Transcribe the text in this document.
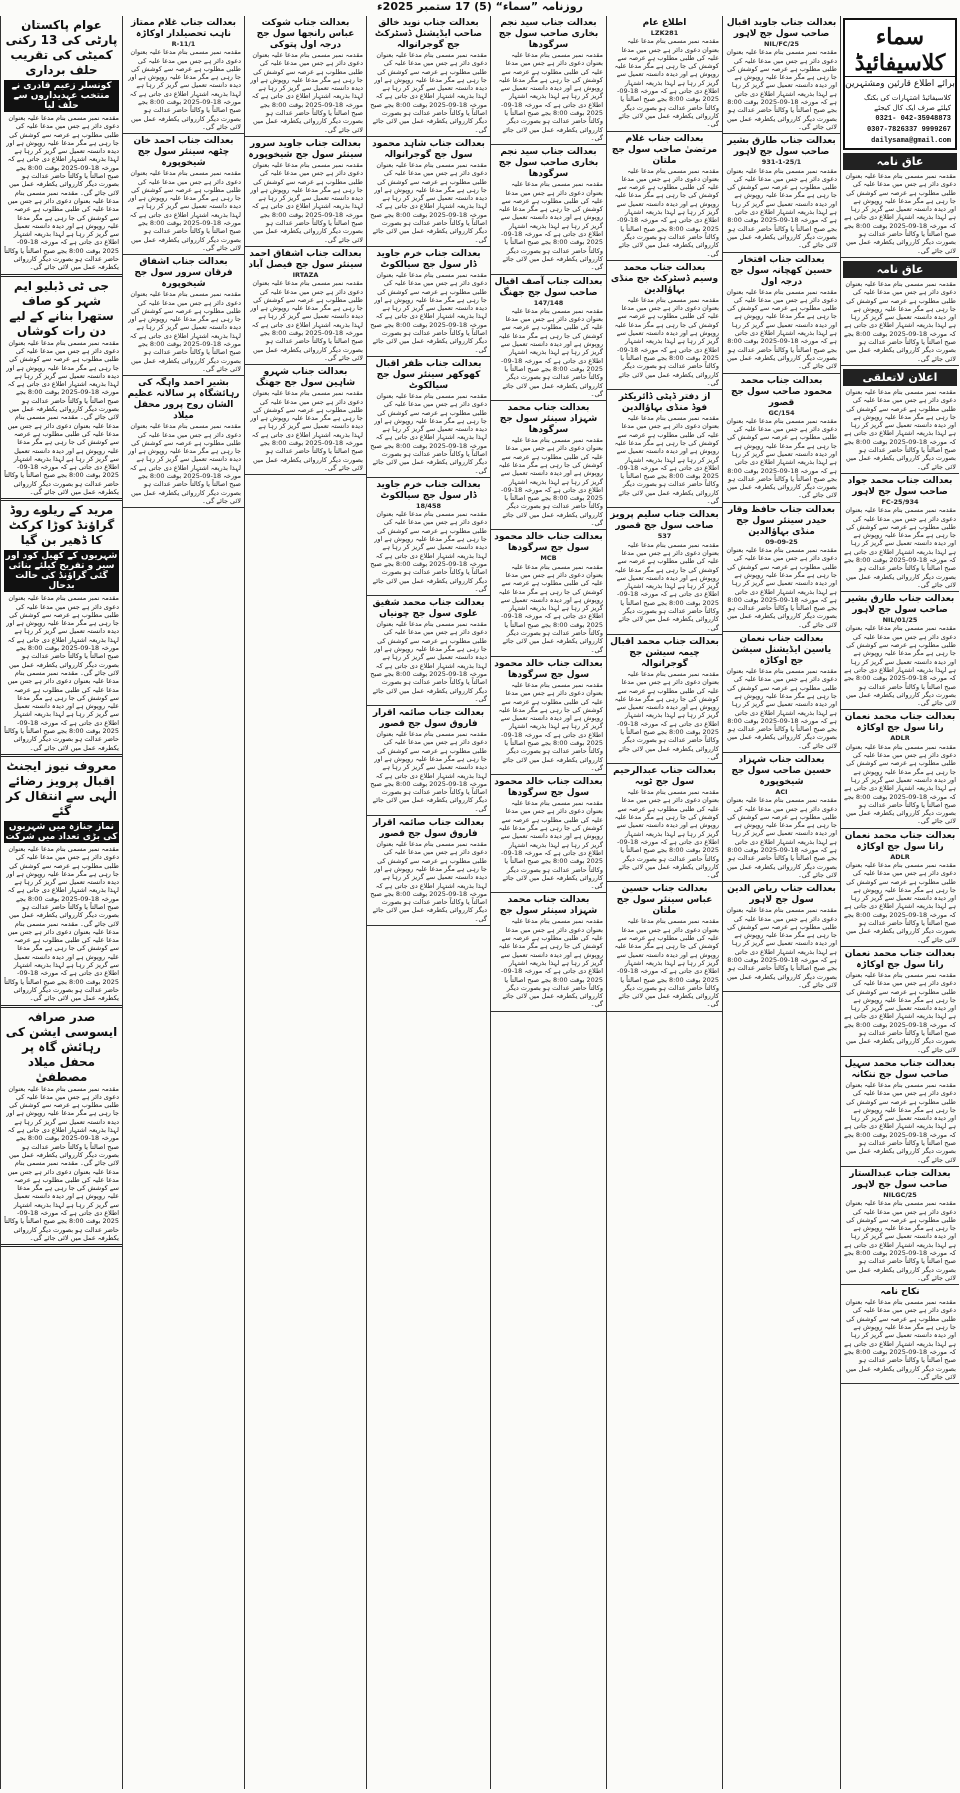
روزنامہ ”سماء“ (5) 17 ستمبر 2025ء
سماء کلاسیفائیڈ
برائے اطلاع قارئین ومشتہرین
کلاسیفائیڈ اشتہارات کی بکنگ کیلئے صرف ایک کال کیجئے
042-35948873 0321-9999267 0307-7826337
dailysama@gmail.com
عاق نامہ
مقدمہ نمبر مسمی بنام مدعا علیہ بعنوان دعوی دائر ہے جس میں مدعا علیہ کی طلبی مطلوب ہے عرصہ سے کوشش کی جا رہی ہے مگر مدعا علیہ روپوش ہے اور دیدہ دانستہ تعمیل سے گریز کر رہا ہے لہذا بذریعہ اشتہار اطلاع دی جاتی ہے کہ مورخہ 18-09-2025 بوقت 8:00 بجے صبح اصالتاً یا وکالتاً حاضر عدالت ہو بصورت دیگر کارروائی یکطرفہ عمل میں لائی جائے گی۔
عاق نامہ
مقدمہ نمبر مسمی بنام مدعا علیہ بعنوان دعوی دائر ہے جس میں مدعا علیہ کی طلبی مطلوب ہے عرصہ سے کوشش کی جا رہی ہے مگر مدعا علیہ روپوش ہے اور دیدہ دانستہ تعمیل سے گریز کر رہا ہے لہذا بذریعہ اشتہار اطلاع دی جاتی ہے کہ مورخہ 18-09-2025 بوقت 8:00 بجے صبح اصالتاً یا وکالتاً حاضر عدالت ہو بصورت دیگر کارروائی یکطرفہ عمل میں لائی جائے گی۔
اعلان لاتعلقی
مقدمہ نمبر مسمی بنام مدعا علیہ بعنوان دعوی دائر ہے جس میں مدعا علیہ کی طلبی مطلوب ہے عرصہ سے کوشش کی جا رہی ہے مگر مدعا علیہ روپوش ہے اور دیدہ دانستہ تعمیل سے گریز کر رہا ہے لہذا بذریعہ اشتہار اطلاع دی جاتی ہے کہ مورخہ 18-09-2025 بوقت 8:00 بجے صبح اصالتاً یا وکالتاً حاضر عدالت ہو بصورت دیگر کارروائی یکطرفہ عمل میں لائی جائے گی۔
بعدالت جناب محمد جواد صاحب سول جج لاہور
934/FC-25
مقدمہ نمبر مسمی بنام مدعا علیہ بعنوان دعوی دائر ہے جس میں مدعا علیہ کی طلبی مطلوب ہے عرصہ سے کوشش کی جا رہی ہے مگر مدعا علیہ روپوش ہے اور دیدہ دانستہ تعمیل سے گریز کر رہا ہے لہذا بذریعہ اشتہار اطلاع دی جاتی ہے کہ مورخہ 18-09-2025 بوقت 8:00 بجے صبح اصالتاً یا وکالتاً حاضر عدالت ہو بصورت دیگر کارروائی یکطرفہ عمل میں لائی جائے گی۔
بعدالت جناب طارق بشیر صاحب سول جج لاہور
NIL/01/25
مقدمہ نمبر مسمی بنام مدعا علیہ بعنوان دعوی دائر ہے جس میں مدعا علیہ کی طلبی مطلوب ہے عرصہ سے کوشش کی جا رہی ہے مگر مدعا علیہ روپوش ہے اور دیدہ دانستہ تعمیل سے گریز کر رہا ہے لہذا بذریعہ اشتہار اطلاع دی جاتی ہے کہ مورخہ 18-09-2025 بوقت 8:00 بجے صبح اصالتاً یا وکالتاً حاضر عدالت ہو بصورت دیگر کارروائی یکطرفہ عمل میں لائی جائے گی۔
بعدالت جناب محمد نعمان رانا سول جج اوکاڑہ
ADLR
مقدمہ نمبر مسمی بنام مدعا علیہ بعنوان دعوی دائر ہے جس میں مدعا علیہ کی طلبی مطلوب ہے عرصہ سے کوشش کی جا رہی ہے مگر مدعا علیہ روپوش ہے اور دیدہ دانستہ تعمیل سے گریز کر رہا ہے لہذا بذریعہ اشتہار اطلاع دی جاتی ہے کہ مورخہ 18-09-2025 بوقت 8:00 بجے صبح اصالتاً یا وکالتاً حاضر عدالت ہو بصورت دیگر کارروائی یکطرفہ عمل میں لائی جائے گی۔
بعدالت جناب محمد نعمان رانا سول جج اوکاڑہ
ADLR
مقدمہ نمبر مسمی بنام مدعا علیہ بعنوان دعوی دائر ہے جس میں مدعا علیہ کی طلبی مطلوب ہے عرصہ سے کوشش کی جا رہی ہے مگر مدعا علیہ روپوش ہے اور دیدہ دانستہ تعمیل سے گریز کر رہا ہے لہذا بذریعہ اشتہار اطلاع دی جاتی ہے کہ مورخہ 18-09-2025 بوقت 8:00 بجے صبح اصالتاً یا وکالتاً حاضر عدالت ہو بصورت دیگر کارروائی یکطرفہ عمل میں لائی جائے گی۔
بعدالت جناب محمد نعمان رانا سول جج اوکاڑہ
مقدمہ نمبر مسمی بنام مدعا علیہ بعنوان دعوی دائر ہے جس میں مدعا علیہ کی طلبی مطلوب ہے عرصہ سے کوشش کی جا رہی ہے مگر مدعا علیہ روپوش ہے اور دیدہ دانستہ تعمیل سے گریز کر رہا ہے لہذا بذریعہ اشتہار اطلاع دی جاتی ہے کہ مورخہ 18-09-2025 بوقت 8:00 بجے صبح اصالتاً یا وکالتاً حاضر عدالت ہو بصورت دیگر کارروائی یکطرفہ عمل میں لائی جائے گی۔
بعدالت جناب محمد سہیل صاحب سول جج ننکانہ
مقدمہ نمبر مسمی بنام مدعا علیہ بعنوان دعوی دائر ہے جس میں مدعا علیہ کی طلبی مطلوب ہے عرصہ سے کوشش کی جا رہی ہے مگر مدعا علیہ روپوش ہے اور دیدہ دانستہ تعمیل سے گریز کر رہا ہے لہذا بذریعہ اشتہار اطلاع دی جاتی ہے کہ مورخہ 18-09-2025 بوقت 8:00 بجے صبح اصالتاً یا وکالتاً حاضر عدالت ہو بصورت دیگر کارروائی یکطرفہ عمل میں لائی جائے گی۔
بعدالت جناب عبدالستار صاحب سول جج لاہور
NILGC/25
مقدمہ نمبر مسمی بنام مدعا علیہ بعنوان دعوی دائر ہے جس میں مدعا علیہ کی طلبی مطلوب ہے عرصہ سے کوشش کی جا رہی ہے مگر مدعا علیہ روپوش ہے اور دیدہ دانستہ تعمیل سے گریز کر رہا ہے لہذا بذریعہ اشتہار اطلاع دی جاتی ہے کہ مورخہ 18-09-2025 بوقت 8:00 بجے صبح اصالتاً یا وکالتاً حاضر عدالت ہو بصورت دیگر کارروائی یکطرفہ عمل میں لائی جائے گی۔
نکاح نامہ
مقدمہ نمبر مسمی بنام مدعا علیہ بعنوان دعوی دائر ہے جس میں مدعا علیہ کی طلبی مطلوب ہے عرصہ سے کوشش کی جا رہی ہے مگر مدعا علیہ روپوش ہے اور دیدہ دانستہ تعمیل سے گریز کر رہا ہے لہذا بذریعہ اشتہار اطلاع دی جاتی ہے کہ مورخہ 18-09-2025 بوقت 8:00 بجے صبح اصالتاً یا وکالتاً حاضر عدالت ہو بصورت دیگر کارروائی یکطرفہ عمل میں لائی جائے گی۔
بعدالت جناب جاوید اقبال صاحب سول جج لاہور
NIL/FC/25
مقدمہ نمبر مسمی بنام مدعا علیہ بعنوان دعوی دائر ہے جس میں مدعا علیہ کی طلبی مطلوب ہے عرصہ سے کوشش کی جا رہی ہے مگر مدعا علیہ روپوش ہے اور دیدہ دانستہ تعمیل سے گریز کر رہا ہے لہذا بذریعہ اشتہار اطلاع دی جاتی ہے کہ مورخہ 18-09-2025 بوقت 8:00 بجے صبح اصالتاً یا وکالتاً حاضر عدالت ہو بصورت دیگر کارروائی یکطرفہ عمل میں لائی جائے گی۔
بعدالت جناب طارق بشیر صاحب سول جج لاہور
931-1-25/1
مقدمہ نمبر مسمی بنام مدعا علیہ بعنوان دعوی دائر ہے جس میں مدعا علیہ کی طلبی مطلوب ہے عرصہ سے کوشش کی جا رہی ہے مگر مدعا علیہ روپوش ہے اور دیدہ دانستہ تعمیل سے گریز کر رہا ہے لہذا بذریعہ اشتہار اطلاع دی جاتی ہے کہ مورخہ 18-09-2025 بوقت 8:00 بجے صبح اصالتاً یا وکالتاً حاضر عدالت ہو بصورت دیگر کارروائی یکطرفہ عمل میں لائی جائے گی۔
بعدالت جناب افتخار حسین کھچانہ سول جج درجہ اول
مقدمہ نمبر مسمی بنام مدعا علیہ بعنوان دعوی دائر ہے جس میں مدعا علیہ کی طلبی مطلوب ہے عرصہ سے کوشش کی جا رہی ہے مگر مدعا علیہ روپوش ہے اور دیدہ دانستہ تعمیل سے گریز کر رہا ہے لہذا بذریعہ اشتہار اطلاع دی جاتی ہے کہ مورخہ 18-09-2025 بوقت 8:00 بجے صبح اصالتاً یا وکالتاً حاضر عدالت ہو بصورت دیگر کارروائی یکطرفہ عمل میں لائی جائے گی۔
بعدالت جناب محمد محمود صاحب سول جج قصور
GC/154
مقدمہ نمبر مسمی بنام مدعا علیہ بعنوان دعوی دائر ہے جس میں مدعا علیہ کی طلبی مطلوب ہے عرصہ سے کوشش کی جا رہی ہے مگر مدعا علیہ روپوش ہے اور دیدہ دانستہ تعمیل سے گریز کر رہا ہے لہذا بذریعہ اشتہار اطلاع دی جاتی ہے کہ مورخہ 18-09-2025 بوقت 8:00 بجے صبح اصالتاً یا وکالتاً حاضر عدالت ہو بصورت دیگر کارروائی یکطرفہ عمل میں لائی جائے گی۔
بعدالت جناب حافظ وقار حیدر سینئر سول جج منڈی بہاؤالدین
09-09-25
مقدمہ نمبر مسمی بنام مدعا علیہ بعنوان دعوی دائر ہے جس میں مدعا علیہ کی طلبی مطلوب ہے عرصہ سے کوشش کی جا رہی ہے مگر مدعا علیہ روپوش ہے اور دیدہ دانستہ تعمیل سے گریز کر رہا ہے لہذا بذریعہ اشتہار اطلاع دی جاتی ہے کہ مورخہ 18-09-2025 بوقت 8:00 بجے صبح اصالتاً یا وکالتاً حاضر عدالت ہو بصورت دیگر کارروائی یکطرفہ عمل میں لائی جائے گی۔
بعدالت جناب نعمان یاسین ایڈیشنل سیشن جج اوکاڑہ
مقدمہ نمبر مسمی بنام مدعا علیہ بعنوان دعوی دائر ہے جس میں مدعا علیہ کی طلبی مطلوب ہے عرصہ سے کوشش کی جا رہی ہے مگر مدعا علیہ روپوش ہے اور دیدہ دانستہ تعمیل سے گریز کر رہا ہے لہذا بذریعہ اشتہار اطلاع دی جاتی ہے کہ مورخہ 18-09-2025 بوقت 8:00 بجے صبح اصالتاً یا وکالتاً حاضر عدالت ہو بصورت دیگر کارروائی یکطرفہ عمل میں لائی جائے گی۔
بعدالت جناب شہزاد حسین صاحب سول جج شیخوپورہ
ACI
مقدمہ نمبر مسمی بنام مدعا علیہ بعنوان دعوی دائر ہے جس میں مدعا علیہ کی طلبی مطلوب ہے عرصہ سے کوشش کی جا رہی ہے مگر مدعا علیہ روپوش ہے اور دیدہ دانستہ تعمیل سے گریز کر رہا ہے لہذا بذریعہ اشتہار اطلاع دی جاتی ہے کہ مورخہ 18-09-2025 بوقت 8:00 بجے صبح اصالتاً یا وکالتاً حاضر عدالت ہو بصورت دیگر کارروائی یکطرفہ عمل میں لائی جائے گی۔
بعدالت جناب ریاض الدین سول جج لاہور
مقدمہ نمبر مسمی بنام مدعا علیہ بعنوان دعوی دائر ہے جس میں مدعا علیہ کی طلبی مطلوب ہے عرصہ سے کوشش کی جا رہی ہے مگر مدعا علیہ روپوش ہے اور دیدہ دانستہ تعمیل سے گریز کر رہا ہے لہذا بذریعہ اشتہار اطلاع دی جاتی ہے کہ مورخہ 18-09-2025 بوقت 8:00 بجے صبح اصالتاً یا وکالتاً حاضر عدالت ہو بصورت دیگر کارروائی یکطرفہ عمل میں لائی جائے گی۔
اطلاع عام
LZK281
مقدمہ نمبر مسمی بنام مدعا علیہ بعنوان دعوی دائر ہے جس میں مدعا علیہ کی طلبی مطلوب ہے عرصہ سے کوشش کی جا رہی ہے مگر مدعا علیہ روپوش ہے اور دیدہ دانستہ تعمیل سے گریز کر رہا ہے لہذا بذریعہ اشتہار اطلاع دی جاتی ہے کہ مورخہ 18-09-2025 بوقت 8:00 بجے صبح اصالتاً یا وکالتاً حاضر عدالت ہو بصورت دیگر کارروائی یکطرفہ عمل میں لائی جائے گی۔
بعدالت جناب غلام مرتضیٰ صاحب سول جج ملتان
مقدمہ نمبر مسمی بنام مدعا علیہ بعنوان دعوی دائر ہے جس میں مدعا علیہ کی طلبی مطلوب ہے عرصہ سے کوشش کی جا رہی ہے مگر مدعا علیہ روپوش ہے اور دیدہ دانستہ تعمیل سے گریز کر رہا ہے لہذا بذریعہ اشتہار اطلاع دی جاتی ہے کہ مورخہ 18-09-2025 بوقت 8:00 بجے صبح اصالتاً یا وکالتاً حاضر عدالت ہو بصورت دیگر کارروائی یکطرفہ عمل میں لائی جائے گی۔
بعدالت جناب محمد وسیم ڈسٹرکٹ جج منڈی بہاؤالدین
مقدمہ نمبر مسمی بنام مدعا علیہ بعنوان دعوی دائر ہے جس میں مدعا علیہ کی طلبی مطلوب ہے عرصہ سے کوشش کی جا رہی ہے مگر مدعا علیہ روپوش ہے اور دیدہ دانستہ تعمیل سے گریز کر رہا ہے لہذا بذریعہ اشتہار اطلاع دی جاتی ہے کہ مورخہ 18-09-2025 بوقت 8:00 بجے صبح اصالتاً یا وکالتاً حاضر عدالت ہو بصورت دیگر کارروائی یکطرفہ عمل میں لائی جائے گی۔
از دفتر ڈپٹی ڈائریکٹر فوڈ منڈی بہاؤالدین
مقدمہ نمبر مسمی بنام مدعا علیہ بعنوان دعوی دائر ہے جس میں مدعا علیہ کی طلبی مطلوب ہے عرصہ سے کوشش کی جا رہی ہے مگر مدعا علیہ روپوش ہے اور دیدہ دانستہ تعمیل سے گریز کر رہا ہے لہذا بذریعہ اشتہار اطلاع دی جاتی ہے کہ مورخہ 18-09-2025 بوقت 8:00 بجے صبح اصالتاً یا وکالتاً حاضر عدالت ہو بصورت دیگر کارروائی یکطرفہ عمل میں لائی جائے گی۔
بعدالت جناب سلیم پرویز صاحب سول جج قصور
537
مقدمہ نمبر مسمی بنام مدعا علیہ بعنوان دعوی دائر ہے جس میں مدعا علیہ کی طلبی مطلوب ہے عرصہ سے کوشش کی جا رہی ہے مگر مدعا علیہ روپوش ہے اور دیدہ دانستہ تعمیل سے گریز کر رہا ہے لہذا بذریعہ اشتہار اطلاع دی جاتی ہے کہ مورخہ 18-09-2025 بوقت 8:00 بجے صبح اصالتاً یا وکالتاً حاضر عدالت ہو بصورت دیگر کارروائی یکطرفہ عمل میں لائی جائے گی۔
بعدالت جناب محمد اقبال چیمہ سیشن جج گوجرانوالہ
مقدمہ نمبر مسمی بنام مدعا علیہ بعنوان دعوی دائر ہے جس میں مدعا علیہ کی طلبی مطلوب ہے عرصہ سے کوشش کی جا رہی ہے مگر مدعا علیہ روپوش ہے اور دیدہ دانستہ تعمیل سے گریز کر رہا ہے لہذا بذریعہ اشتہار اطلاع دی جاتی ہے کہ مورخہ 18-09-2025 بوقت 8:00 بجے صبح اصالتاً یا وکالتاً حاضر عدالت ہو بصورت دیگر کارروائی یکطرفہ عمل میں لائی جائے گی۔
بعدالت جناب عبدالرحیم سول جج ٹوبہ
مقدمہ نمبر مسمی بنام مدعا علیہ بعنوان دعوی دائر ہے جس میں مدعا علیہ کی طلبی مطلوب ہے عرصہ سے کوشش کی جا رہی ہے مگر مدعا علیہ روپوش ہے اور دیدہ دانستہ تعمیل سے گریز کر رہا ہے لہذا بذریعہ اشتہار اطلاع دی جاتی ہے کہ مورخہ 18-09-2025 بوقت 8:00 بجے صبح اصالتاً یا وکالتاً حاضر عدالت ہو بصورت دیگر کارروائی یکطرفہ عمل میں لائی جائے گی۔
بعدالت جناب حسین عباس سینئر سول جج ملتان
مقدمہ نمبر مسمی بنام مدعا علیہ بعنوان دعوی دائر ہے جس میں مدعا علیہ کی طلبی مطلوب ہے عرصہ سے کوشش کی جا رہی ہے مگر مدعا علیہ روپوش ہے اور دیدہ دانستہ تعمیل سے گریز کر رہا ہے لہذا بذریعہ اشتہار اطلاع دی جاتی ہے کہ مورخہ 18-09-2025 بوقت 8:00 بجے صبح اصالتاً یا وکالتاً حاضر عدالت ہو بصورت دیگر کارروائی یکطرفہ عمل میں لائی جائے گی۔
بعدالت جناب سید نجم بخاری صاحب سول جج سرگودھا
مقدمہ نمبر مسمی بنام مدعا علیہ بعنوان دعوی دائر ہے جس میں مدعا علیہ کی طلبی مطلوب ہے عرصہ سے کوشش کی جا رہی ہے مگر مدعا علیہ روپوش ہے اور دیدہ دانستہ تعمیل سے گریز کر رہا ہے لہذا بذریعہ اشتہار اطلاع دی جاتی ہے کہ مورخہ 18-09-2025 بوقت 8:00 بجے صبح اصالتاً یا وکالتاً حاضر عدالت ہو بصورت دیگر کارروائی یکطرفہ عمل میں لائی جائے گی۔
بعدالت جناب سید نجم بخاری صاحب سول جج سرگودھا
مقدمہ نمبر مسمی بنام مدعا علیہ بعنوان دعوی دائر ہے جس میں مدعا علیہ کی طلبی مطلوب ہے عرصہ سے کوشش کی جا رہی ہے مگر مدعا علیہ روپوش ہے اور دیدہ دانستہ تعمیل سے گریز کر رہا ہے لہذا بذریعہ اشتہار اطلاع دی جاتی ہے کہ مورخہ 18-09-2025 بوقت 8:00 بجے صبح اصالتاً یا وکالتاً حاضر عدالت ہو بصورت دیگر کارروائی یکطرفہ عمل میں لائی جائے گی۔
بعدالت جناب آصف اقبال صاحب سول جج جھنگ
147/148
مقدمہ نمبر مسمی بنام مدعا علیہ بعنوان دعوی دائر ہے جس میں مدعا علیہ کی طلبی مطلوب ہے عرصہ سے کوشش کی جا رہی ہے مگر مدعا علیہ روپوش ہے اور دیدہ دانستہ تعمیل سے گریز کر رہا ہے لہذا بذریعہ اشتہار اطلاع دی جاتی ہے کہ مورخہ 18-09-2025 بوقت 8:00 بجے صبح اصالتاً یا وکالتاً حاضر عدالت ہو بصورت دیگر کارروائی یکطرفہ عمل میں لائی جائے گی۔
بعدالت جناب محمد شہزاد سینئر سول جج سرگودھا
مقدمہ نمبر مسمی بنام مدعا علیہ بعنوان دعوی دائر ہے جس میں مدعا علیہ کی طلبی مطلوب ہے عرصہ سے کوشش کی جا رہی ہے مگر مدعا علیہ روپوش ہے اور دیدہ دانستہ تعمیل سے گریز کر رہا ہے لہذا بذریعہ اشتہار اطلاع دی جاتی ہے کہ مورخہ 18-09-2025 بوقت 8:00 بجے صبح اصالتاً یا وکالتاً حاضر عدالت ہو بصورت دیگر کارروائی یکطرفہ عمل میں لائی جائے گی۔
بعدالت جناب خالد محمود سول جج سرگودھا
MCB
مقدمہ نمبر مسمی بنام مدعا علیہ بعنوان دعوی دائر ہے جس میں مدعا علیہ کی طلبی مطلوب ہے عرصہ سے کوشش کی جا رہی ہے مگر مدعا علیہ روپوش ہے اور دیدہ دانستہ تعمیل سے گریز کر رہا ہے لہذا بذریعہ اشتہار اطلاع دی جاتی ہے کہ مورخہ 18-09-2025 بوقت 8:00 بجے صبح اصالتاً یا وکالتاً حاضر عدالت ہو بصورت دیگر کارروائی یکطرفہ عمل میں لائی جائے گی۔
بعدالت جناب خالد محمود سول جج سرگودھا
مقدمہ نمبر مسمی بنام مدعا علیہ بعنوان دعوی دائر ہے جس میں مدعا علیہ کی طلبی مطلوب ہے عرصہ سے کوشش کی جا رہی ہے مگر مدعا علیہ روپوش ہے اور دیدہ دانستہ تعمیل سے گریز کر رہا ہے لہذا بذریعہ اشتہار اطلاع دی جاتی ہے کہ مورخہ 18-09-2025 بوقت 8:00 بجے صبح اصالتاً یا وکالتاً حاضر عدالت ہو بصورت دیگر کارروائی یکطرفہ عمل میں لائی جائے گی۔
بعدالت جناب خالد محمود سول جج سرگودھا
مقدمہ نمبر مسمی بنام مدعا علیہ بعنوان دعوی دائر ہے جس میں مدعا علیہ کی طلبی مطلوب ہے عرصہ سے کوشش کی جا رہی ہے مگر مدعا علیہ روپوش ہے اور دیدہ دانستہ تعمیل سے گریز کر رہا ہے لہذا بذریعہ اشتہار اطلاع دی جاتی ہے کہ مورخہ 18-09-2025 بوقت 8:00 بجے صبح اصالتاً یا وکالتاً حاضر عدالت ہو بصورت دیگر کارروائی یکطرفہ عمل میں لائی جائے گی۔
بعدالت جناب محمد شہزاد سینئر سول جج
مقدمہ نمبر مسمی بنام مدعا علیہ بعنوان دعوی دائر ہے جس میں مدعا علیہ کی طلبی مطلوب ہے عرصہ سے کوشش کی جا رہی ہے مگر مدعا علیہ روپوش ہے اور دیدہ دانستہ تعمیل سے گریز کر رہا ہے لہذا بذریعہ اشتہار اطلاع دی جاتی ہے کہ مورخہ 18-09-2025 بوقت 8:00 بجے صبح اصالتاً یا وکالتاً حاضر عدالت ہو بصورت دیگر کارروائی یکطرفہ عمل میں لائی جائے گی۔
بعدالت جناب نوید خالق صاحب ایڈیشنل ڈسٹرکٹ جج گوجرانوالہ
مقدمہ نمبر مسمی بنام مدعا علیہ بعنوان دعوی دائر ہے جس میں مدعا علیہ کی طلبی مطلوب ہے عرصہ سے کوشش کی جا رہی ہے مگر مدعا علیہ روپوش ہے اور دیدہ دانستہ تعمیل سے گریز کر رہا ہے لہذا بذریعہ اشتہار اطلاع دی جاتی ہے کہ مورخہ 18-09-2025 بوقت 8:00 بجے صبح اصالتاً یا وکالتاً حاضر عدالت ہو بصورت دیگر کارروائی یکطرفہ عمل میں لائی جائے گی۔
بعدالت جناب شاہد محمود سول جج گوجرانوالہ
مقدمہ نمبر مسمی بنام مدعا علیہ بعنوان دعوی دائر ہے جس میں مدعا علیہ کی طلبی مطلوب ہے عرصہ سے کوشش کی جا رہی ہے مگر مدعا علیہ روپوش ہے اور دیدہ دانستہ تعمیل سے گریز کر رہا ہے لہذا بذریعہ اشتہار اطلاع دی جاتی ہے کہ مورخہ 18-09-2025 بوقت 8:00 بجے صبح اصالتاً یا وکالتاً حاضر عدالت ہو بصورت دیگر کارروائی یکطرفہ عمل میں لائی جائے گی۔
بعدالت جناب خرم جاوید ڈار سول جج سیالکوٹ
مقدمہ نمبر مسمی بنام مدعا علیہ بعنوان دعوی دائر ہے جس میں مدعا علیہ کی طلبی مطلوب ہے عرصہ سے کوشش کی جا رہی ہے مگر مدعا علیہ روپوش ہے اور دیدہ دانستہ تعمیل سے گریز کر رہا ہے لہذا بذریعہ اشتہار اطلاع دی جاتی ہے کہ مورخہ 18-09-2025 بوقت 8:00 بجے صبح اصالتاً یا وکالتاً حاضر عدالت ہو بصورت دیگر کارروائی یکطرفہ عمل میں لائی جائے گی۔
بعدالت جناب ظفر اقبال کھوکھر سینئر سول جج سیالکوٹ
مقدمہ نمبر مسمی بنام مدعا علیہ بعنوان دعوی دائر ہے جس میں مدعا علیہ کی طلبی مطلوب ہے عرصہ سے کوشش کی جا رہی ہے مگر مدعا علیہ روپوش ہے اور دیدہ دانستہ تعمیل سے گریز کر رہا ہے لہذا بذریعہ اشتہار اطلاع دی جاتی ہے کہ مورخہ 18-09-2025 بوقت 8:00 بجے صبح اصالتاً یا وکالتاً حاضر عدالت ہو بصورت دیگر کارروائی یکطرفہ عمل میں لائی جائے گی۔
بعدالت جناب خرم جاوید ڈار سول جج سیالکوٹ
18/458
مقدمہ نمبر مسمی بنام مدعا علیہ بعنوان دعوی دائر ہے جس میں مدعا علیہ کی طلبی مطلوب ہے عرصہ سے کوشش کی جا رہی ہے مگر مدعا علیہ روپوش ہے اور دیدہ دانستہ تعمیل سے گریز کر رہا ہے لہذا بذریعہ اشتہار اطلاع دی جاتی ہے کہ مورخہ 18-09-2025 بوقت 8:00 بجے صبح اصالتاً یا وکالتاً حاضر عدالت ہو بصورت دیگر کارروائی یکطرفہ عمل میں لائی جائے گی۔
بعدالت جناب محمد شفیق علوی سول جج چونیاں
مقدمہ نمبر مسمی بنام مدعا علیہ بعنوان دعوی دائر ہے جس میں مدعا علیہ کی طلبی مطلوب ہے عرصہ سے کوشش کی جا رہی ہے مگر مدعا علیہ روپوش ہے اور دیدہ دانستہ تعمیل سے گریز کر رہا ہے لہذا بذریعہ اشتہار اطلاع دی جاتی ہے کہ مورخہ 18-09-2025 بوقت 8:00 بجے صبح اصالتاً یا وکالتاً حاضر عدالت ہو بصورت دیگر کارروائی یکطرفہ عمل میں لائی جائے گی۔
بعدالت جناب صائمہ اقرار فاروق سول جج قصور
مقدمہ نمبر مسمی بنام مدعا علیہ بعنوان دعوی دائر ہے جس میں مدعا علیہ کی طلبی مطلوب ہے عرصہ سے کوشش کی جا رہی ہے مگر مدعا علیہ روپوش ہے اور دیدہ دانستہ تعمیل سے گریز کر رہا ہے لہذا بذریعہ اشتہار اطلاع دی جاتی ہے کہ مورخہ 18-09-2025 بوقت 8:00 بجے صبح اصالتاً یا وکالتاً حاضر عدالت ہو بصورت دیگر کارروائی یکطرفہ عمل میں لائی جائے گی۔
بعدالت جناب صائمہ اقرار فاروق سول جج قصور
مقدمہ نمبر مسمی بنام مدعا علیہ بعنوان دعوی دائر ہے جس میں مدعا علیہ کی طلبی مطلوب ہے عرصہ سے کوشش کی جا رہی ہے مگر مدعا علیہ روپوش ہے اور دیدہ دانستہ تعمیل سے گریز کر رہا ہے لہذا بذریعہ اشتہار اطلاع دی جاتی ہے کہ مورخہ 18-09-2025 بوقت 8:00 بجے صبح اصالتاً یا وکالتاً حاضر عدالت ہو بصورت دیگر کارروائی یکطرفہ عمل میں لائی جائے گی۔
بعدالت جناب شوکت عباس رانجھا سول جج درجہ اول پتوکی
مقدمہ نمبر مسمی بنام مدعا علیہ بعنوان دعوی دائر ہے جس میں مدعا علیہ کی طلبی مطلوب ہے عرصہ سے کوشش کی جا رہی ہے مگر مدعا علیہ روپوش ہے اور دیدہ دانستہ تعمیل سے گریز کر رہا ہے لہذا بذریعہ اشتہار اطلاع دی جاتی ہے کہ مورخہ 18-09-2025 بوقت 8:00 بجے صبح اصالتاً یا وکالتاً حاضر عدالت ہو بصورت دیگر کارروائی یکطرفہ عمل میں لائی جائے گی۔
بعدالت جناب جاوید سرور سینئر سول جج شیخوپورہ
مقدمہ نمبر مسمی بنام مدعا علیہ بعنوان دعوی دائر ہے جس میں مدعا علیہ کی طلبی مطلوب ہے عرصہ سے کوشش کی جا رہی ہے مگر مدعا علیہ روپوش ہے اور دیدہ دانستہ تعمیل سے گریز کر رہا ہے لہذا بذریعہ اشتہار اطلاع دی جاتی ہے کہ مورخہ 18-09-2025 بوقت 8:00 بجے صبح اصالتاً یا وکالتاً حاضر عدالت ہو بصورت دیگر کارروائی یکطرفہ عمل میں لائی جائے گی۔
بعدالت جناب اشفاق احمد سینئر سول جج فیصل آباد
IRTAZA
مقدمہ نمبر مسمی بنام مدعا علیہ بعنوان دعوی دائر ہے جس میں مدعا علیہ کی طلبی مطلوب ہے عرصہ سے کوشش کی جا رہی ہے مگر مدعا علیہ روپوش ہے اور دیدہ دانستہ تعمیل سے گریز کر رہا ہے لہذا بذریعہ اشتہار اطلاع دی جاتی ہے کہ مورخہ 18-09-2025 بوقت 8:00 بجے صبح اصالتاً یا وکالتاً حاضر عدالت ہو بصورت دیگر کارروائی یکطرفہ عمل میں لائی جائے گی۔
بعدالت جناب شہرو شاہین سول جج جھنگ
مقدمہ نمبر مسمی بنام مدعا علیہ بعنوان دعوی دائر ہے جس میں مدعا علیہ کی طلبی مطلوب ہے عرصہ سے کوشش کی جا رہی ہے مگر مدعا علیہ روپوش ہے اور دیدہ دانستہ تعمیل سے گریز کر رہا ہے لہذا بذریعہ اشتہار اطلاع دی جاتی ہے کہ مورخہ 18-09-2025 بوقت 8:00 بجے صبح اصالتاً یا وکالتاً حاضر عدالت ہو بصورت دیگر کارروائی یکطرفہ عمل میں لائی جائے گی۔
بعدالت جناب غلام ممتاز ناہب تحصیلدار اوکاڑہ
11/1-R
مقدمہ نمبر مسمی بنام مدعا علیہ بعنوان دعوی دائر ہے جس میں مدعا علیہ کی طلبی مطلوب ہے عرصہ سے کوشش کی جا رہی ہے مگر مدعا علیہ روپوش ہے اور دیدہ دانستہ تعمیل سے گریز کر رہا ہے لہذا بذریعہ اشتہار اطلاع دی جاتی ہے کہ مورخہ 18-09-2025 بوقت 8:00 بجے صبح اصالتاً یا وکالتاً حاضر عدالت ہو بصورت دیگر کارروائی یکطرفہ عمل میں لائی جائے گی۔
بعدالت جناب احمد خان چٹھہ سینئر سول جج شیخوپورہ
مقدمہ نمبر مسمی بنام مدعا علیہ بعنوان دعوی دائر ہے جس میں مدعا علیہ کی طلبی مطلوب ہے عرصہ سے کوشش کی جا رہی ہے مگر مدعا علیہ روپوش ہے اور دیدہ دانستہ تعمیل سے گریز کر رہا ہے لہذا بذریعہ اشتہار اطلاع دی جاتی ہے کہ مورخہ 18-09-2025 بوقت 8:00 بجے صبح اصالتاً یا وکالتاً حاضر عدالت ہو بصورت دیگر کارروائی یکطرفہ عمل میں لائی جائے گی۔
بعدالت جناب اشفاق فرقان سرور سول جج شیخوپورہ
مقدمہ نمبر مسمی بنام مدعا علیہ بعنوان دعوی دائر ہے جس میں مدعا علیہ کی طلبی مطلوب ہے عرصہ سے کوشش کی جا رہی ہے مگر مدعا علیہ روپوش ہے اور دیدہ دانستہ تعمیل سے گریز کر رہا ہے لہذا بذریعہ اشتہار اطلاع دی جاتی ہے کہ مورخہ 18-09-2025 بوقت 8:00 بجے صبح اصالتاً یا وکالتاً حاضر عدالت ہو بصورت دیگر کارروائی یکطرفہ عمل میں لائی جائے گی۔
بشیر احمد واہگہ کی رہائشگاہ پر سالانہ عظیم الشان روح پرور محفل میلاد
مقدمہ نمبر مسمی بنام مدعا علیہ بعنوان دعوی دائر ہے جس میں مدعا علیہ کی طلبی مطلوب ہے عرصہ سے کوشش کی جا رہی ہے مگر مدعا علیہ روپوش ہے اور دیدہ دانستہ تعمیل سے گریز کر رہا ہے لہذا بذریعہ اشتہار اطلاع دی جاتی ہے کہ مورخہ 18-09-2025 بوقت 8:00 بجے صبح اصالتاً یا وکالتاً حاضر عدالت ہو بصورت دیگر کارروائی یکطرفہ عمل میں لائی جائے گی۔
عوام پاکستان پارٹی کی 13 رکنی کمیٹی کی تقریب حلف برداری
کونسلر زعیم قادری نے منتخب عہدیداروں سے حلف لیا
مقدمہ نمبر مسمی بنام مدعا علیہ بعنوان دعوی دائر ہے جس میں مدعا علیہ کی طلبی مطلوب ہے عرصہ سے کوشش کی جا رہی ہے مگر مدعا علیہ روپوش ہے اور دیدہ دانستہ تعمیل سے گریز کر رہا ہے لہذا بذریعہ اشتہار اطلاع دی جاتی ہے کہ مورخہ 18-09-2025 بوقت 8:00 بجے صبح اصالتاً یا وکالتاً حاضر عدالت ہو بصورت دیگر کارروائی یکطرفہ عمل میں لائی جائے گی۔ مقدمہ نمبر مسمی بنام مدعا علیہ بعنوان دعوی دائر ہے جس میں مدعا علیہ کی طلبی مطلوب ہے عرصہ سے کوشش کی جا رہی ہے مگر مدعا علیہ روپوش ہے اور دیدہ دانستہ تعمیل سے گریز کر رہا ہے لہذا بذریعہ اشتہار اطلاع دی جاتی ہے کہ مورخہ 18-09-2025 بوقت 8:00 بجے صبح اصالتاً یا وکالتاً حاضر عدالت ہو بصورت دیگر کارروائی یکطرفہ عمل میں لائی جائے گی۔
جی ٹی ڈبلیو ایم شہر کو صاف ستھرا بنانے کے لیے دن رات کوشاں
مقدمہ نمبر مسمی بنام مدعا علیہ بعنوان دعوی دائر ہے جس میں مدعا علیہ کی طلبی مطلوب ہے عرصہ سے کوشش کی جا رہی ہے مگر مدعا علیہ روپوش ہے اور دیدہ دانستہ تعمیل سے گریز کر رہا ہے لہذا بذریعہ اشتہار اطلاع دی جاتی ہے کہ مورخہ 18-09-2025 بوقت 8:00 بجے صبح اصالتاً یا وکالتاً حاضر عدالت ہو بصورت دیگر کارروائی یکطرفہ عمل میں لائی جائے گی۔ مقدمہ نمبر مسمی بنام مدعا علیہ بعنوان دعوی دائر ہے جس میں مدعا علیہ کی طلبی مطلوب ہے عرصہ سے کوشش کی جا رہی ہے مگر مدعا علیہ روپوش ہے اور دیدہ دانستہ تعمیل سے گریز کر رہا ہے لہذا بذریعہ اشتہار اطلاع دی جاتی ہے کہ مورخہ 18-09-2025 بوقت 8:00 بجے صبح اصالتاً یا وکالتاً حاضر عدالت ہو بصورت دیگر کارروائی یکطرفہ عمل میں لائی جائے گی۔
مرید کے ریلوے روڈ گراؤنڈ کوڑا کرکٹ کا ڈھیر بن گیا
شہریوں کے کھیل کود اور سیر و تفریح کیلئے بنائی گئی گراؤنڈ کی حالت بدحال
مقدمہ نمبر مسمی بنام مدعا علیہ بعنوان دعوی دائر ہے جس میں مدعا علیہ کی طلبی مطلوب ہے عرصہ سے کوشش کی جا رہی ہے مگر مدعا علیہ روپوش ہے اور دیدہ دانستہ تعمیل سے گریز کر رہا ہے لہذا بذریعہ اشتہار اطلاع دی جاتی ہے کہ مورخہ 18-09-2025 بوقت 8:00 بجے صبح اصالتاً یا وکالتاً حاضر عدالت ہو بصورت دیگر کارروائی یکطرفہ عمل میں لائی جائے گی۔ مقدمہ نمبر مسمی بنام مدعا علیہ بعنوان دعوی دائر ہے جس میں مدعا علیہ کی طلبی مطلوب ہے عرصہ سے کوشش کی جا رہی ہے مگر مدعا علیہ روپوش ہے اور دیدہ دانستہ تعمیل سے گریز کر رہا ہے لہذا بذریعہ اشتہار اطلاع دی جاتی ہے کہ مورخہ 18-09-2025 بوقت 8:00 بجے صبح اصالتاً یا وکالتاً حاضر عدالت ہو بصورت دیگر کارروائی یکطرفہ عمل میں لائی جائے گی۔
معروف نیوز ایجنٹ اقبال پرویز رضائے الٰہی سے انتقال کر گئے
نماز جنازہ میں شہریوں کی بڑی تعداد میں شرکت
مقدمہ نمبر مسمی بنام مدعا علیہ بعنوان دعوی دائر ہے جس میں مدعا علیہ کی طلبی مطلوب ہے عرصہ سے کوشش کی جا رہی ہے مگر مدعا علیہ روپوش ہے اور دیدہ دانستہ تعمیل سے گریز کر رہا ہے لہذا بذریعہ اشتہار اطلاع دی جاتی ہے کہ مورخہ 18-09-2025 بوقت 8:00 بجے صبح اصالتاً یا وکالتاً حاضر عدالت ہو بصورت دیگر کارروائی یکطرفہ عمل میں لائی جائے گی۔ مقدمہ نمبر مسمی بنام مدعا علیہ بعنوان دعوی دائر ہے جس میں مدعا علیہ کی طلبی مطلوب ہے عرصہ سے کوشش کی جا رہی ہے مگر مدعا علیہ روپوش ہے اور دیدہ دانستہ تعمیل سے گریز کر رہا ہے لہذا بذریعہ اشتہار اطلاع دی جاتی ہے کہ مورخہ 18-09-2025 بوقت 8:00 بجے صبح اصالتاً یا وکالتاً حاضر عدالت ہو بصورت دیگر کارروائی یکطرفہ عمل میں لائی جائے گی۔
صدر صرافہ ایسوسی ایشن کی رہائش گاہ پر محفل میلاد مصطفیٰ
مقدمہ نمبر مسمی بنام مدعا علیہ بعنوان دعوی دائر ہے جس میں مدعا علیہ کی طلبی مطلوب ہے عرصہ سے کوشش کی جا رہی ہے مگر مدعا علیہ روپوش ہے اور دیدہ دانستہ تعمیل سے گریز کر رہا ہے لہذا بذریعہ اشتہار اطلاع دی جاتی ہے کہ مورخہ 18-09-2025 بوقت 8:00 بجے صبح اصالتاً یا وکالتاً حاضر عدالت ہو بصورت دیگر کارروائی یکطرفہ عمل میں لائی جائے گی۔ مقدمہ نمبر مسمی بنام مدعا علیہ بعنوان دعوی دائر ہے جس میں مدعا علیہ کی طلبی مطلوب ہے عرصہ سے کوشش کی جا رہی ہے مگر مدعا علیہ روپوش ہے اور دیدہ دانستہ تعمیل سے گریز کر رہا ہے لہذا بذریعہ اشتہار اطلاع دی جاتی ہے کہ مورخہ 18-09-2025 بوقت 8:00 بجے صبح اصالتاً یا وکالتاً حاضر عدالت ہو بصورت دیگر کارروائی یکطرفہ عمل میں لائی جائے گی۔
